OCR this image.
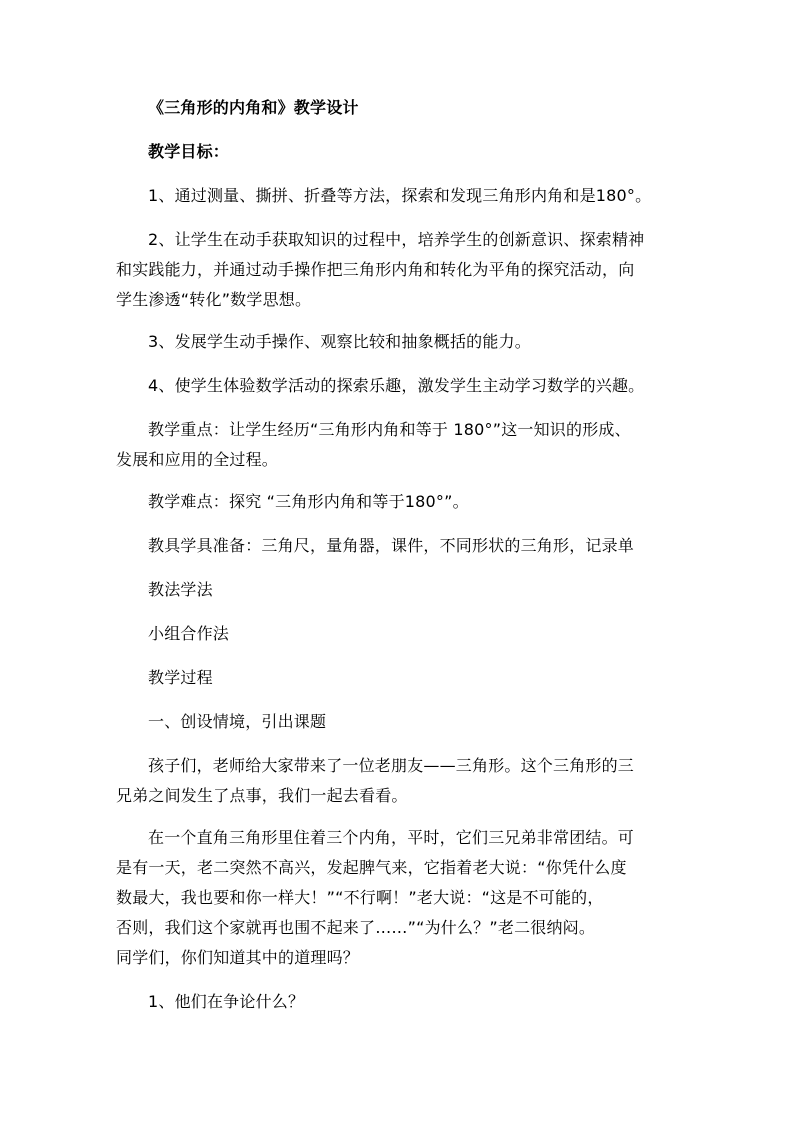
《三角形的内角和》教学设计
教学目标：
1、通过测量、撕拼、折叠等方法，探索和发现三角形内角和是180°。
2、让学生在动手获取知识的过程中，培养学生的创新意识、探索精神
和实践能力，并通过动手操作把三角形内角和转化为平角的探究活动，向
学生渗透“转化”数学思想。
3、发展学生动手操作、观察比较和抽象概括的能力。
4、使学生体验数学活动的探索乐趣，激发学生主动学习数学的兴趣。
教学重点：让学生经历“三角形内角和等于 180°”这一知识的形成、
发展和应用的全过程。
教学难点：探究 “三角形内角和等于180°”。
教具学具准备：三角尺，量角器，课件，不同形状的三角形，记录单
教法学法
小组合作法
教学过程
一、创设情境，引出课题
孩子们，老师给大家带来了一位老朋友——三角形。这个三角形的三
兄弟之间发生了点事，我们一起去看看。
在一个直角三角形里住着三个内角，平时，它们三兄弟非常团结。可
是有一天，老二突然不高兴，发起脾气来，它指着老大说：“你凭什么度
数最大，我也要和你一样大！”“不行啊！”老大说：“这是不可能的，
否则，我们这个家就再也围不起来了……”“为什么？”老二很纳闷。
同学们，你们知道其中的道理吗？
1、他们在争论什么？
